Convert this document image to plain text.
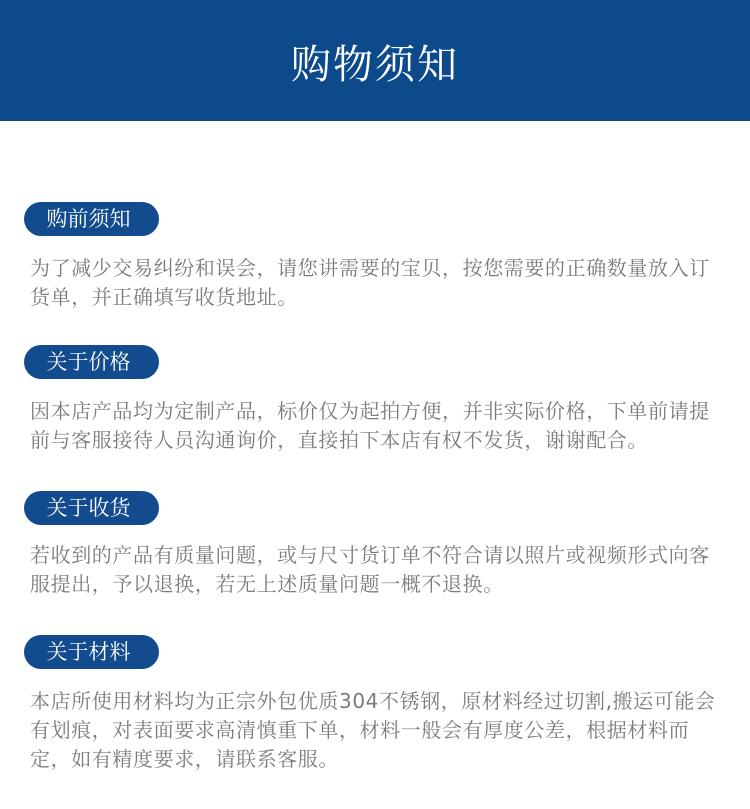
购物须知
购前须知

为了减少交易纠纷和误会，请您讲需要的宝贝，按您需要的正确数量放入订货单，并正确填写收货地址。

关于价格

因本店产品均为定制产品，标价仅为起拍方便，并非实际价格，下单前请提前与客服接待人员沟通询价，直接拍下本店有权不发货，谢谢配合。

关于收货

若收到的产品有质量问题，或与尺寸货订单不符合请以照片或视频形式向客服提出，予以退换，若无上述质量问题一概不退换。

关于材料

本店所使用材料均为正宗外包优质304不锈钢，原材料经过切割,搬运可能会有划痕，对表面要求高清慎重下单，材料一般会有厚度公差，根据材料而定，如有精度要求，请联系客服。
